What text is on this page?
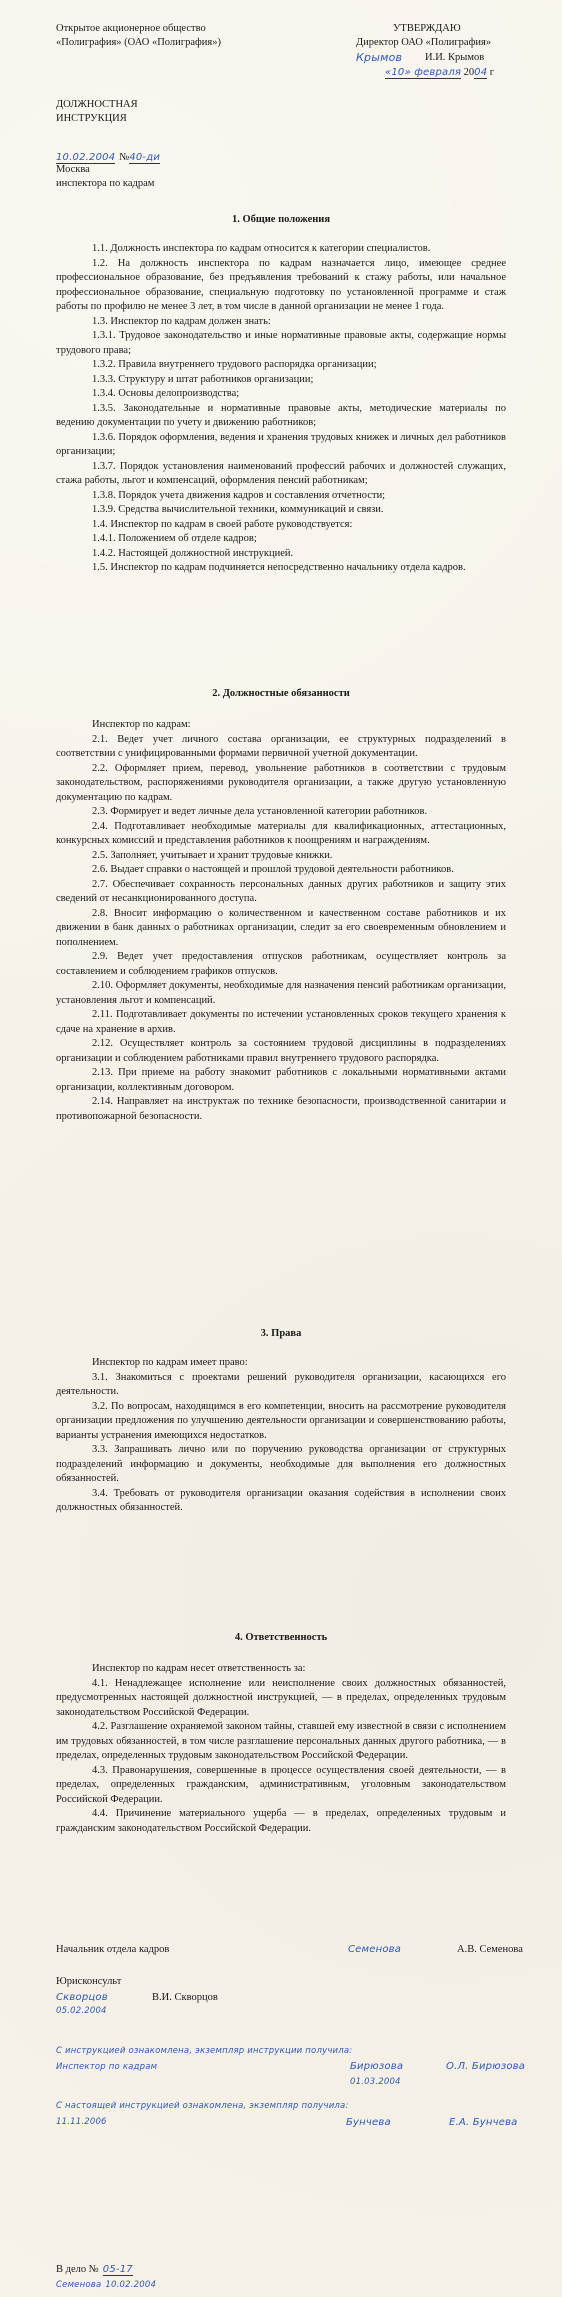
Открытое акционерное общество
«Полиграфия» (ОАО «Полиграфия»)
УТВЕРЖДАЮ
Директор ОАО «Полиграфия»
Крымов И.И. Крымов
«10» февраля 2004 г
ДОЛЖНОСТНАЯ
ИНСТРУКЦИЯ
10.02.2004 №40-ди
Москва
инспектора по кадрам
1. Общие положения
1.1. Должность инспектора по кадрам относится к категории специалистов.
1.2. На должность инспектора по кадрам назначается лицо, имеющее среднее профессиональное образование, без предъявления требований к стажу работы, или начальное профессиональное образование, специальную подготовку по установленной программе и стаж работы по профилю не менее 3 лет, в том числе в данной организации не менее 1 года.
1.3. Инспектор по кадрам должен знать:
1.3.1. Трудовое законодательство и иные нормативные правовые акты, содержащие нормы трудового права;
1.3.2. Правила внутреннего трудового распорядка организации;
1.3.3. Структуру и штат работников организации;
1.3.4. Основы делопроизводства;
1.3.5. Законодательные и нормативные правовые акты, методические материалы по ведению документации по учету и движению работников;
1.3.6. Порядок оформления, ведения и хранения трудовых книжек и личных дел работников организации;
1.3.7. Порядок установления наименований профессий рабочих и должностей служащих, стажа работы, льгот и компенсаций, оформления пенсий работникам;
1.3.8. Порядок учета движения кадров и составления отчетности;
1.3.9. Средства вычислительной техники, коммуникаций и связи.
1.4. Инспектор по кадрам в своей работе руководствуется:
1.4.1. Положением об отделе кадров;
1.4.2. Настоящей должностной инструкцией.
1.5. Инспектор по кадрам подчиняется непосредственно начальнику отдела кадров.
2. Должностные обязанности
Инспектор по кадрам:
2.1. Ведет учет личного состава организации, ее структурных подразделений в соответствии с унифицированными формами первичной учетной документации.
2.2. Оформляет прием, перевод, увольнение работников в соответствии с трудовым законодательством, распоряжениями руководителя организации, а также другую установленную документацию по кадрам.
2.3. Формирует и ведет личные дела установленной категории работников.
2.4. Подготавливает необходимые материалы для квалификационных, аттестационных, конкурсных комиссий и представления работников к поощрениям и награждениям.
2.5. Заполняет, учитывает и хранит трудовые книжки.
2.6. Выдает справки о настоящей и прошлой трудовой деятельности работников.
2.7. Обеспечивает сохранность персональных данных других работников и защиту этих сведений от несанкционированного доступа.
2.8. Вносит информацию о количественном и качественном составе работников и их движении в банк данных о работниках организации, следит за его своевременным обновлением и пополнением.
2.9. Ведет учет предоставления отпусков работникам, осуществляет контроль за составлением и соблюдением графиков отпусков.
2.10. Оформляет документы, необходимые для назначения пенсий работникам организации, установления льгот и компенсаций.
2.11. Подготавливает документы по истечении установленных сроков текущего хранения к сдаче на хранение в архив.
2.12. Осуществляет контроль за состоянием трудовой дисциплины в подразделениях организации и соблюдением работниками правил внутреннего трудового распорядка.
2.13. При приеме на работу знакомит работников с локальными нормативными актами организации, коллективным договором.
2.14. Направляет на инструктаж по технике безопасности, производственной санитарии и противопожарной безопасности.
3. Права
Инспектор по кадрам имеет право:
3.1. Знакомиться с проектами решений руководителя организации, касающихся его деятельности.
3.2. По вопросам, находящимся в его компетенции, вносить на рассмотрение руководителя организации предложения по улучшению деятельности организации и совершенствованию работы, варианты устранения имеющихся недостатков.
3.3. Запрашивать лично или по поручению руководства организации от структурных подразделений информацию и документы, необходимые для выполнения его должностных обязанностей.
3.4. Требовать от руководителя организации оказания содействия в исполнении своих должностных обязанностей.
4. Ответственность
Инспектор по кадрам несет ответственность за:
4.1. Ненадлежащее исполнение или неисполнение своих должностных обязанностей, предусмотренных настоящей должностной инструкцией, — в пределах, определенных трудовым законодательством Российской Федерации.
4.2. Разглашение охраняемой законом тайны, ставшей ему известной в связи с исполнением им трудовых обязанностей, в том числе разглашение персональных данных другого работника, — в пределах, определенных трудовым законодательством Российской Федерации.
4.3. Правонарушения, совершенные в процессе осуществления своей деятельности, — в пределах, определенных гражданским, административным, уголовным законодательством Российской Федерации.
4.4. Причинение материального ущерба — в пределах, определенных трудовым и гражданским законодательством Российской Федерации.
Начальник отдела кадров	Семенова	А.В. Семенова
Юрисконсульт
Скворцов	В.И. Скворцов
05.02.2004
С инструкцией ознакомлена, экземпляр инструкции получила:
Инспектор по кадрам	Бирюзова	О.Л. Бирюзова
01.03.2004
С настоящей инструкцией ознакомлена, экземпляр получила:
11.11.2006	Бунчева	Е.А. Бунчева
В дело № 05-17
Семенова 10.02.2004
